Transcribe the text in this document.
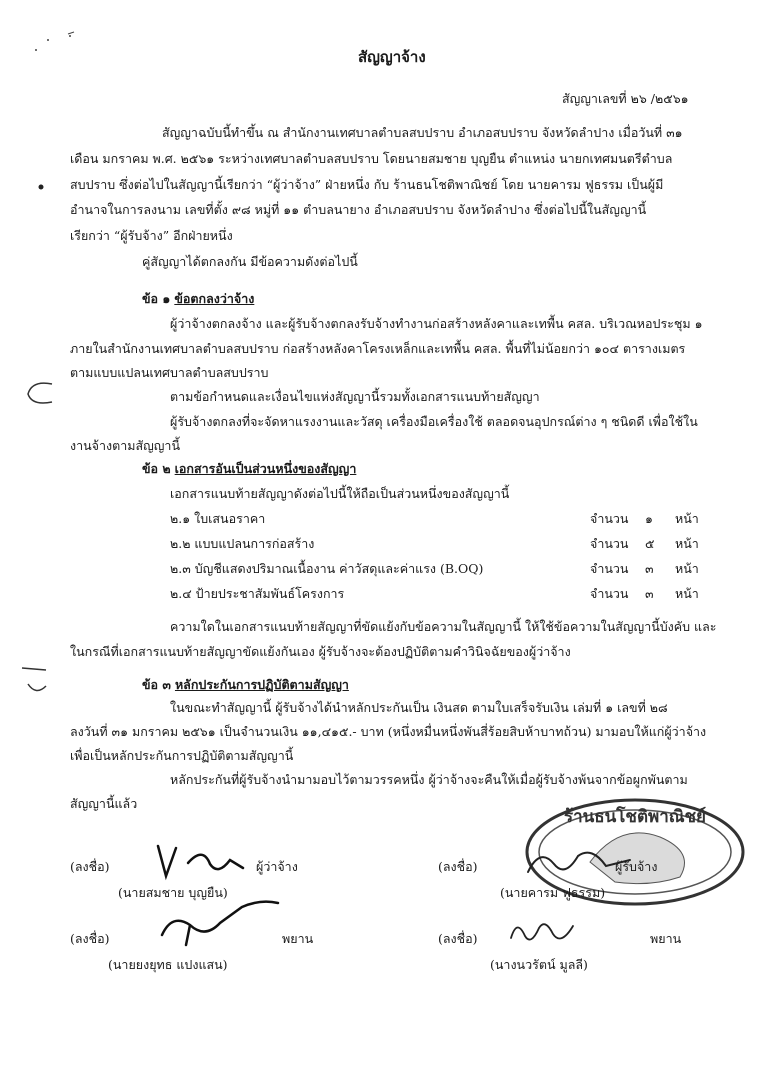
สัญญาจ้าง
สัญญาเลขที่ ๒๖ /๒๕๖๑
สัญญาฉบับนี้ทำขึ้น ณ สำนักงานเทศบาลตำบลสบปราบ อำเภอสบปราบ จังหวัดลำปาง เมื่อวันที่ ๓๑
เดือน มกราคม พ.ศ. ๒๕๖๑ ระหว่างเทศบาลตำบลสบปราบ โดยนายสมชาย บุญยืน ตำแหน่ง นายกเทศมนตรีตำบล
สบปราบ ซึ่งต่อไปในสัญญานี้เรียกว่า “ผู้ว่าจ้าง” ฝ่ายหนึ่ง กับ ร้านธนโชติพาณิชย์ โดย นายคารม ฟูธรรม เป็นผู้มี
อำนาจในการลงนาม เลขที่ตั้ง ๙๘ หมู่ที่ ๑๑ ตำบลนายาง อำเภอสบปราบ จังหวัดลำปาง ซึ่งต่อไปนี้ในสัญญานี้
เรียกว่า “ผู้รับจ้าง” อีกฝ่ายหนึ่ง
คู่สัญญาได้ตกลงกัน มีข้อความดังต่อไปนี้
ข้อ ๑ ข้อตกลงว่าจ้าง
ผู้ว่าจ้างตกลงจ้าง และผู้รับจ้างตกลงรับจ้างทำงานก่อสร้างหลังคาและเทพื้น คสล. บริเวณหอประชุม ๑
ภายในสำนักงานเทศบาลตำบลสบปราบ ก่อสร้างหลังคาโครงเหล็กและเทพื้น คสล. พื้นที่ไม่น้อยกว่า ๑๐๔ ตารางเมตร
ตามแบบแปลนเทศบาลตำบลสบปราบ
ตามข้อกำหนดและเงื่อนไขแห่งสัญญานี้รวมทั้งเอกสารแนบท้ายสัญญา
ผู้รับจ้างตกลงที่จะจัดหาแรงงานและวัสดุ เครื่องมือเครื่องใช้ ตลอดจนอุปกรณ์ต่าง ๆ ชนิดดี เพื่อใช้ใน
งานจ้างตามสัญญานี้
ข้อ ๒ เอกสารอันเป็นส่วนหนึ่งของสัญญา
เอกสารแนบท้ายสัญญาดังต่อไปนี้ให้ถือเป็นส่วนหนึ่งของสัญญานี้
๒.๑ ใบเสนอราคา	จำนวน ๑ หน้า
๒.๒ แบบแปลนการก่อสร้าง	จำนวน ๕ หน้า
๒.๓ บัญชีแสดงปริมาณเนื้องาน ค่าวัสดุและค่าแรง (B.OQ)	จำนวน ๓ หน้า
๒.๔ ป้ายประชาสัมพันธ์โครงการ	จำนวน ๓ หน้า
ความใดในเอกสารแนบท้ายสัญญาที่ขัดแย้งกับข้อความในสัญญานี้ ให้ใช้ข้อความในสัญญานี้บังคับ และ
ในกรณีที่เอกสารแนบท้ายสัญญาขัดแย้งกันเอง ผู้รับจ้างจะต้องปฏิบัติตามคำวินิจฉัยของผู้ว่าจ้าง
ข้อ ๓ หลักประกันการปฏิบัติตามสัญญา
ในขณะทำสัญญานี้ ผู้รับจ้างได้นำหลักประกันเป็น เงินสด ตามใบเสร็จรับเงิน เล่มที่ ๑ เลขที่ ๒๘
ลงวันที่ ๓๑ มกราคม ๒๕๖๑ เป็นจำนวนเงิน ๑๑,๔๑๕.- บาท (หนึ่งหมื่นหนึ่งพันสี่ร้อยสิบห้าบาทถ้วน) มามอบให้แก่ผู้ว่าจ้าง
เพื่อเป็นหลักประกันการปฏิบัติตามสัญญานี้
หลักประกันที่ผู้รับจ้างนำมามอบไว้ตามวรรคหนึ่ง ผู้ว่าจ้างจะคืนให้เมื่อผู้รับจ้างพ้นจากข้อผูกพันตาม
สัญญานี้แล้ว
ร้านธนโชติพาณิชย์
(ลงชื่อ)	ผู้ว่าจ้าง
(นายสมชาย บุญยืน)
(ลงชื่อ)	ผู้รับจ้าง
(นายคารม ฟูธรรม)
(ลงชื่อ)	พยาน
(นายยงยุทธ แปงแสน)
(ลงชื่อ)	พยาน
(นางนวรัตน์ มูลลี)
